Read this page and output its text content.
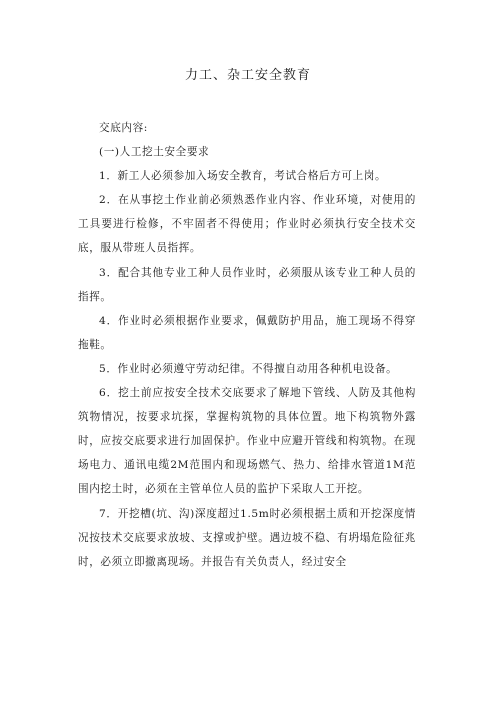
力工、杂工安全教育

交底内容:

(一)人工挖土安全要求

1．新工人必须参加入场安全教育，考试合格后方可上岗。

2．在从事挖土作业前必须熟悉作业内容、作业环境，对使用的工具要进行检修，不牢固者不得使用；作业时必须执行安全技术交底，服从带班人员指挥。

3．配合其他专业工种人员作业时，必须服从该专业工种人员的指挥。

4．作业时必须根据作业要求，佩戴防护用品，施工现场不得穿拖鞋。

5．作业时必须遵守劳动纪律。不得擅自动用各种机电设备。

6．挖土前应按安全技术交底要求了解地下管线、人防及其他构筑物情况，按要求坑探，掌握构筑物的具体位置。地下构筑物外露时，应按交底要求进行加固保护。作业中应避开管线和构筑物。在现场电力、通讯电缆2M范围内和现场燃气、热力、给排水管道1M范围内挖土时，必须在主管单位人员的监护下采取人工开挖。

7．开挖槽(坑、沟)深度超过1.5m时必须根据土质和开挖深度情况按技术交底要求放坡、支撑或护壁。遇边坡不稳、有坍塌危险征兆时，必须立即撤离现场。并报告有关负责人，经过安全
